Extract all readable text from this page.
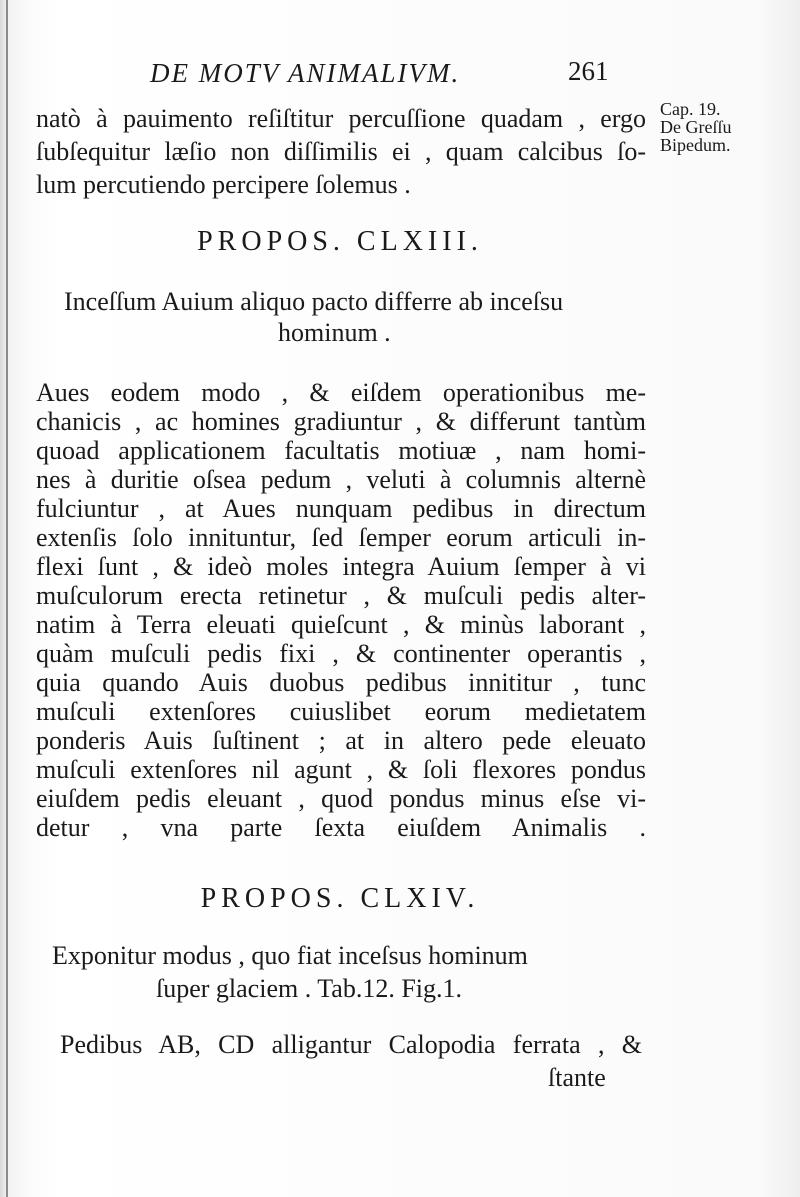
DE MOTV ANIMALIVM.	261
Cap. 19.
De Greſſu
Bipedum.
natò à pauimento reſiſtitur percuſſione quadam , ergo
ſubſequitur læſio non diſſimilis ei , quam calcibus ſo-
lum percutiendo percipere ſolemus .
PROPOS. CLXIII.
Inceſſum Auium aliquo pacto differre ab inceſsu
hominum .
Aues eodem modo , & eiſdem operationibus me-
chanicis , ac homines gradiuntur , & differunt tantùm
quoad applicationem facultatis motiuæ , nam homi-
nes à duritie oſsea pedum , veluti à columnis alternè
fulciuntur , at Aues nunquam pedibus in directum
extenſis ſolo innituntur, ſed ſemper eorum articuli in-
flexi ſunt , & ideò moles integra Auium ſemper à vi
muſculorum erecta retinetur , & muſculi pedis alter-
natim à Terra eleuati quieſcunt , & minùs laborant ,
quàm muſculi pedis fixi , & continenter operantis ,
quia quando Auis duobus pedibus innititur , tunc
muſculi extenſores cuiuslibet eorum medietatem
ponderis Auis ſuſtinent ; at in altero pede eleuato
muſculi extenſores nil agunt , & ſoli flexores pondus
eiuſdem pedis eleuant , quod pondus minus eſse vi-
detur , vna parte ſexta eiuſdem Animalis .
PROPOS. CLXIV.
Exponitur modus , quo fiat inceſsus hominum
ſuper glaciem . Tab.12. Fig.1.
Pedibus AB, CD alligantur Calopodia ferrata , &
ſtante
